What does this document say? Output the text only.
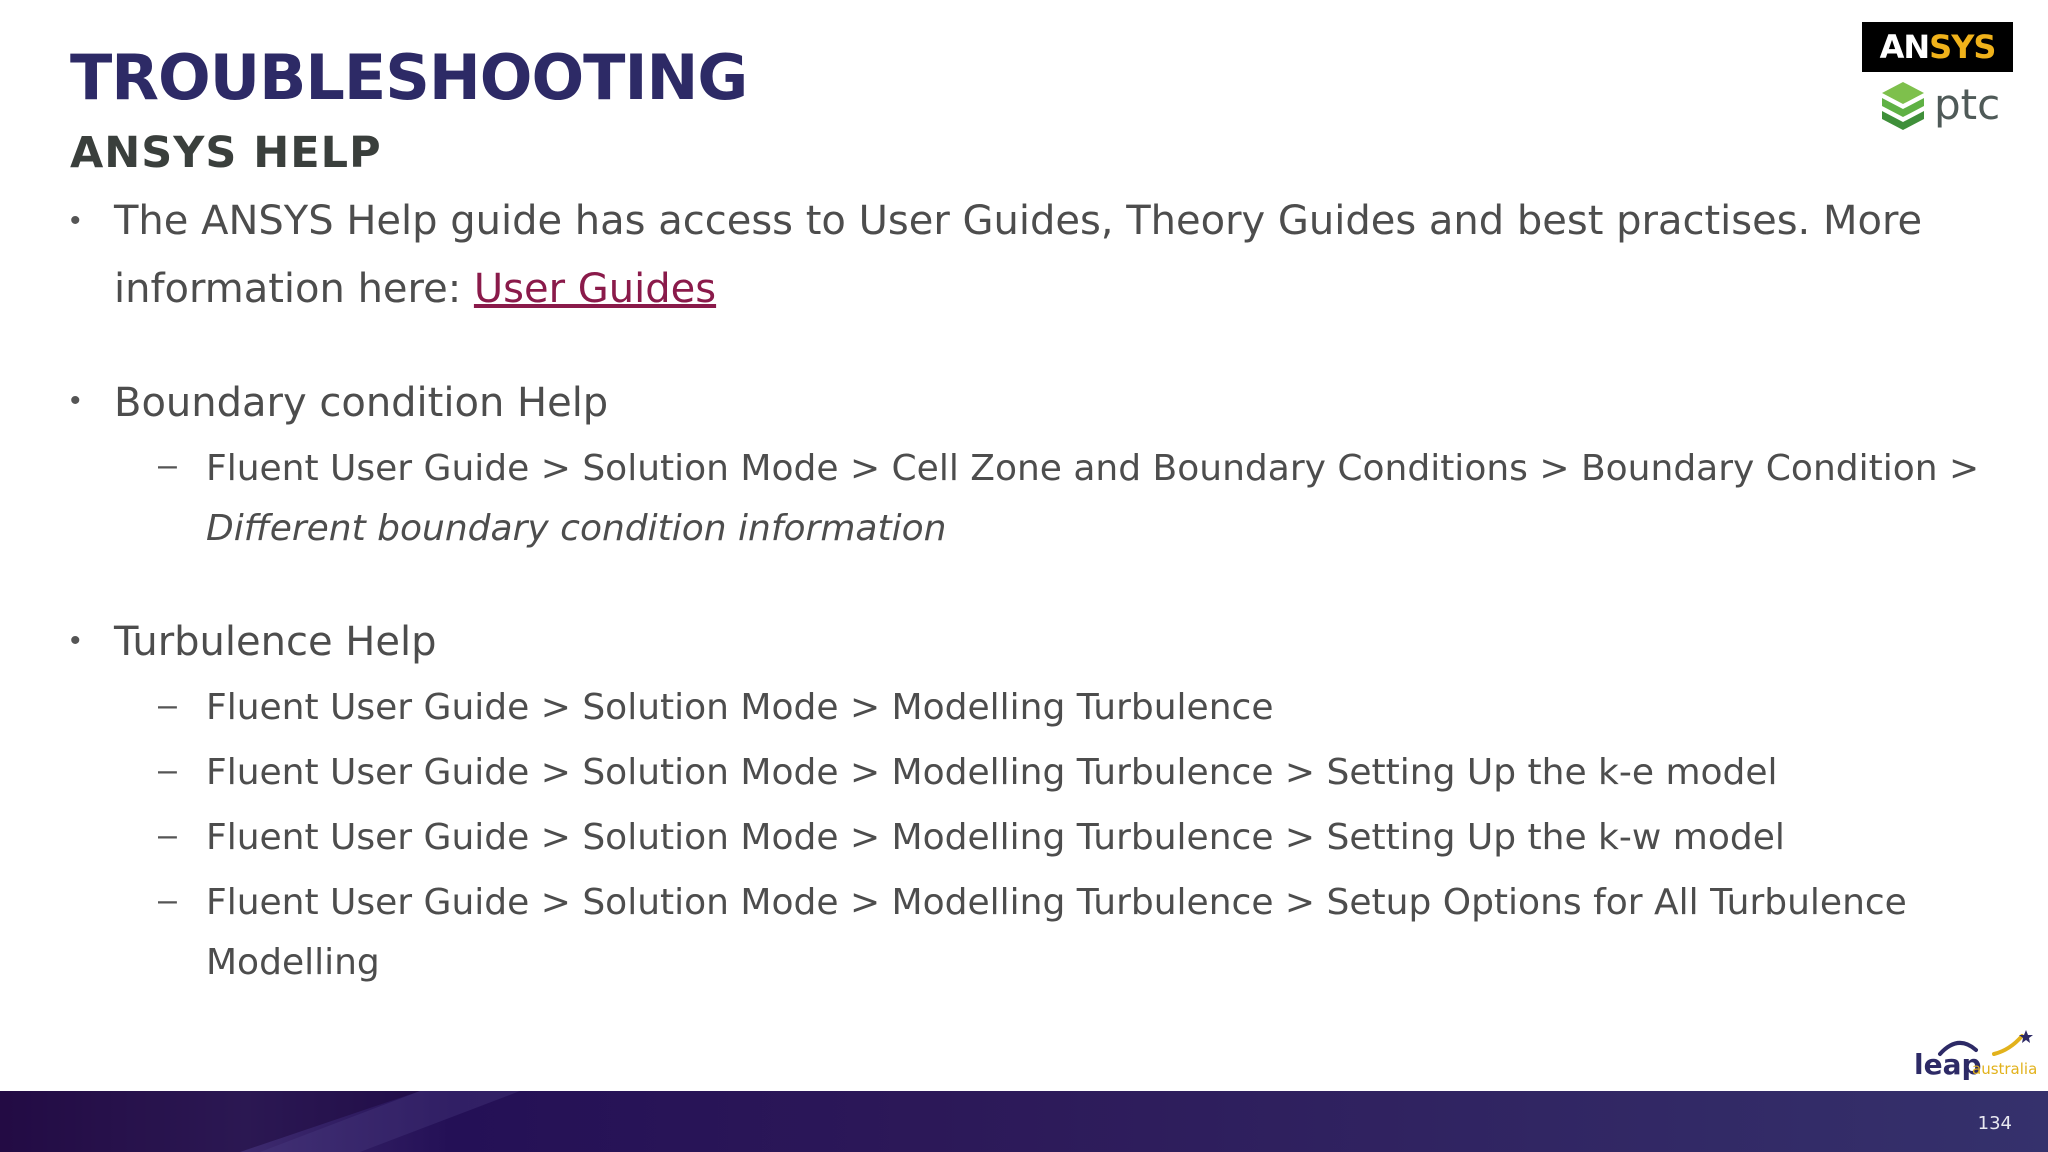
TROUBLESHOOTING
ANSYS HELP
• The ANSYS Help guide has access to User Guides, Theory Guides and best practises. More
information here: User Guides
• Boundary condition Help
– Fluent User Guide > Solution Mode > Cell Zone and Boundary Conditions > Boundary Condition >
Different boundary condition information
• Turbulence Help
– Fluent User Guide > Solution Mode > Modelling Turbulence
– Fluent User Guide > Solution Mode > Modelling Turbulence > Setting Up the k-e model
– Fluent User Guide > Solution Mode > Modelling Turbulence > Setting Up the k-w model
– Fluent User Guide > Solution Mode > Modelling Turbulence > Setup Options for All Turbulence
Modelling
AN SYS
ptc
leap
australia
134
